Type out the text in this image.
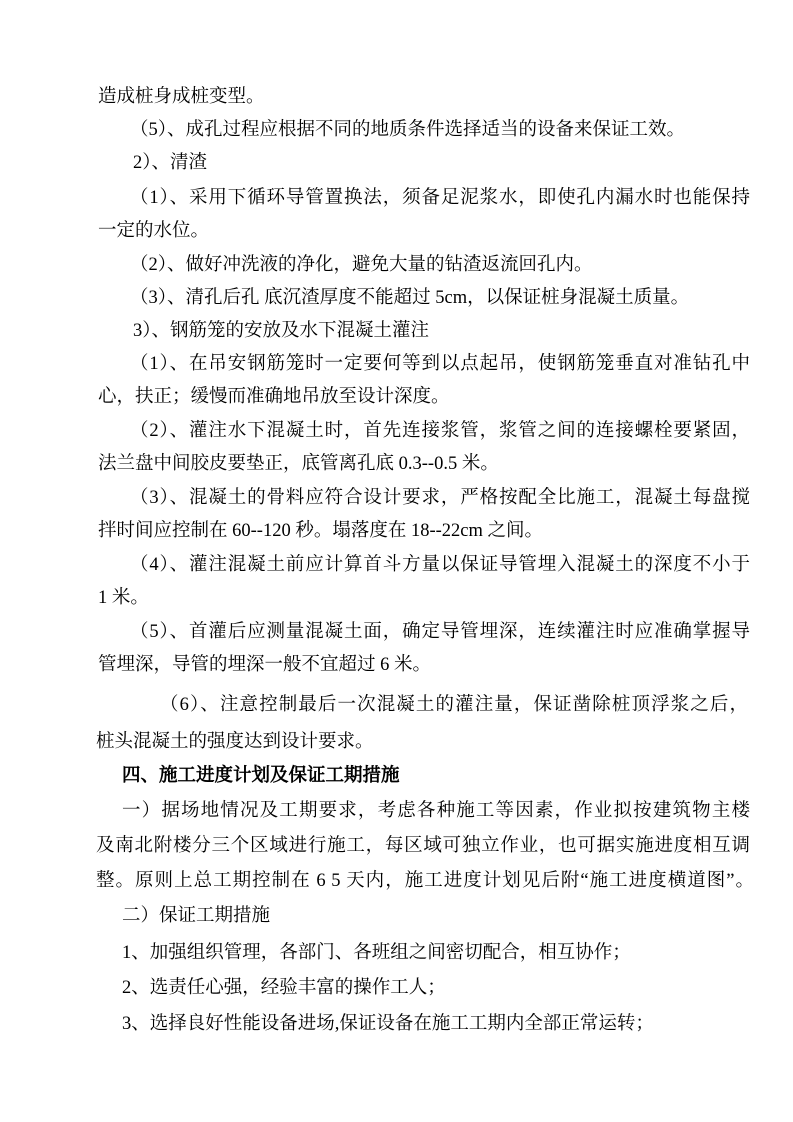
造成桩身成桩变型。
（5）、成孔过程应根据不同的地质条件选择适当的设备来保证工效。
2）、清渣
（1）、采用下循环导管置换法，须备足泥浆水，即使孔内漏水时也能保持
一定的水位。
（2）、做好冲洗液的净化，避免大量的钻渣返流回孔内。
（3）、清孔后孔 底沉渣厚度不能超过 5cm，以保证桩身混凝土质量。
3）、钢筋笼的安放及水下混凝土灌注
（1）、在吊安钢筋笼时一定要何等到以点起吊，使钢筋笼垂直对准钻孔中
心，扶正；缓慢而准确地吊放至设计深度。
（2）、灌注水下混凝土时，首先连接浆管，浆管之间的连接螺栓要紧固，
法兰盘中间胶皮要垫正，底管离孔底 0.3--0.5 米。
（3）、混凝土的骨料应符合设计要求，严格按配全比施工，混凝土每盘搅
拌时间应控制在 60--120 秒。塌落度在 18--22cm 之间。
（4）、灌注混凝土前应计算首斗方量以保证导管埋入混凝土的深度不小于
1 米。
（5）、首灌后应测量混凝土面，确定导管埋深，连续灌注时应准确掌握导
管埋深，导管的埋深一般不宜超过 6 米。
（6）、注意控制最后一次混凝土的灌注量，保证凿除桩顶浮浆之后，
桩头混凝土的强度达到设计要求。
四、施工进度计划及保证工期措施
一）据场地情况及工期要求，考虑各种施工等因素，作业拟按建筑物主楼
及南北附楼分三个区域进行施工，每区域可独立作业，也可据实施进度相互调
整。原则上总工期控制在 6 5 天内，施工进度计划见后附“施工进度横道图”。
二）保证工期措施
1、加强组织管理，各部门、各班组之间密切配合，相互协作；
2、选责任心强，经验丰富的操作工人；
3、选择良好性能设备进场,保证设备在施工工期内全部正常运转；
